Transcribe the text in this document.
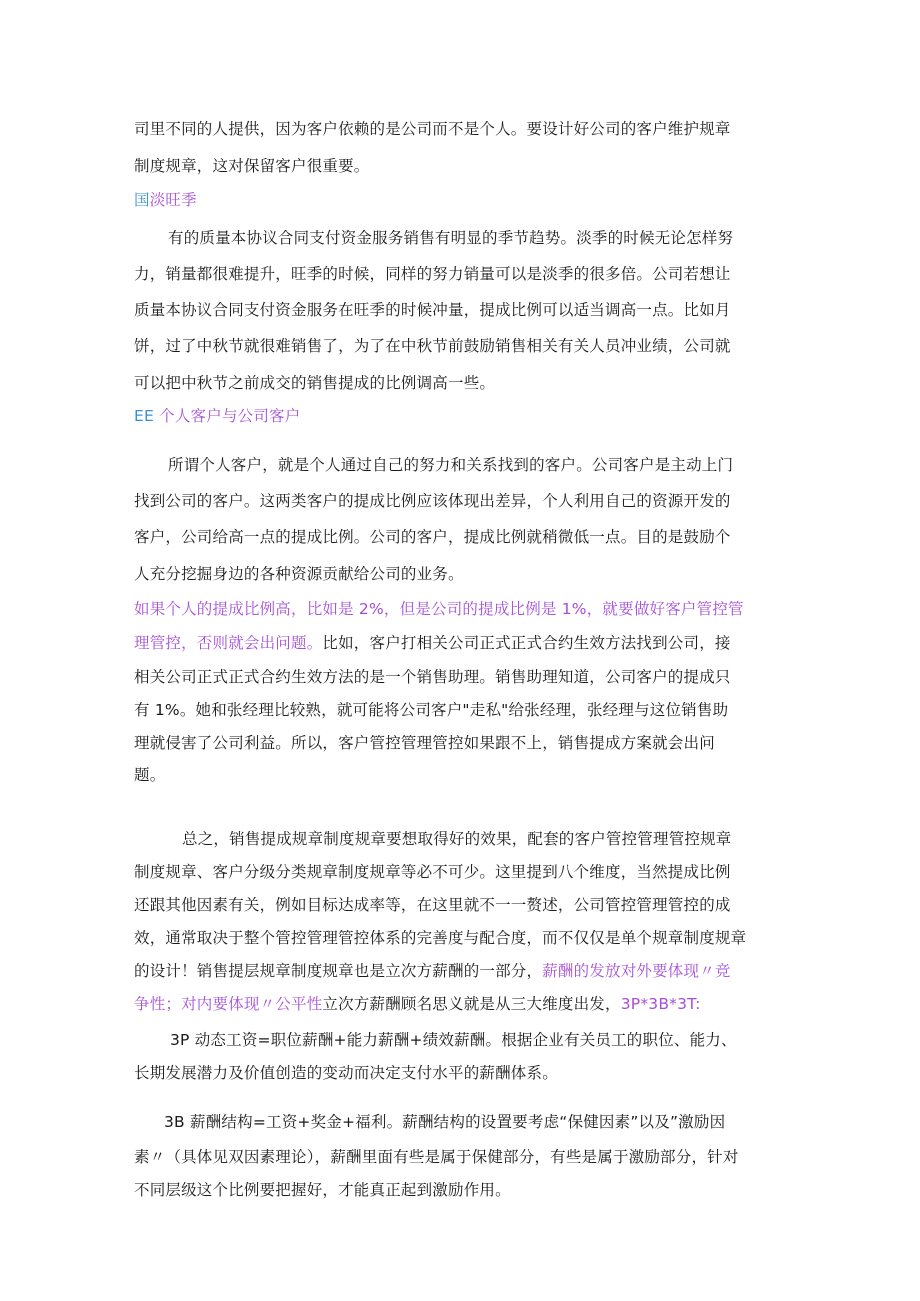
司里不同的人提供，因为客户依赖的是公司而不是个人。要设计好公司的客户维护规章
制度规章，这对保留客户很重要。
国淡旺季
有的质量本协议合同支付资金服务销售有明显的季节趋势。淡季的时候无论怎样努
力，销量都很难提升，旺季的时候，同样的努力销量可以是淡季的很多倍。公司若想让
质量本协议合同支付资金服务在旺季的时候冲量，提成比例可以适当调高一点。比如月
饼，过了中秋节就很难销售了，为了在中秋节前鼓励销售相关有关人员冲业绩，公司就
可以把中秋节之前成交的销售提成的比例调高一些。
EE 个人客户与公司客户
所谓个人客户，就是个人通过自己的努力和关系找到的客户。公司客户是主动上门
找到公司的客户。这两类客户的提成比例应该体现出差异，个人利用自己的资源开发的
客户，公司给高一点的提成比例。公司的客户，提成比例就稍微低一点。目的是鼓励个
人充分挖掘身边的各种资源贡献给公司的业务。
如果个人的提成比例高，比如是 2%，但是公司的提成比例是 1%，就要做好客户管控管
理管控，否则就会出问题。比如，客户打相关公司正式正式合约生效方法找到公司，接
相关公司正式正式合约生效方法的是一个销售助理。销售助理知道，公司客户的提成只
有 1%。她和张经理比较熟，就可能将公司客户"走私"给张经理，张经理与这位销售助
理就侵害了公司利益。所以，客户管控管理管控如果跟不上，销售提成方案就会出问
题。
总之，销售提成规章制度规章要想取得好的效果，配套的客户管控管理管控规章
制度规章、客户分级分类规章制度规章等必不可少。这里提到八个维度，当然提成比例
还跟其他因素有关，例如目标达成率等，在这里就不一一赘述，公司管控管理管控的成
效，通常取决于整个管控管理管控体系的完善度与配合度，而不仅仅是单个规章制度规章
的设计！销售提层规章制度规章也是立次方薪酬的一部分，薪酬的发放对外要体现〃竞
争性；对内要体现〃公平性立次方薪酬顾名思义就是从三大维度出发，3P*3B*3T:
3P 动态工资=职位薪酬+能力薪酬+绩效薪酬。根据企业有关员工的职位、能力、
长期发展潜力及价值创造的变动而决定支付水平的薪酬体系。
3B 薪酬结构=工资+奖金+福利。薪酬结构的设置要考虑“保健因素”以及”激励因
素〃（具体见双因素理论），薪酬里面有些是属于保健部分，有些是属于激励部分，针对
不同层级这个比例要把握好，才能真正起到激励作用。
